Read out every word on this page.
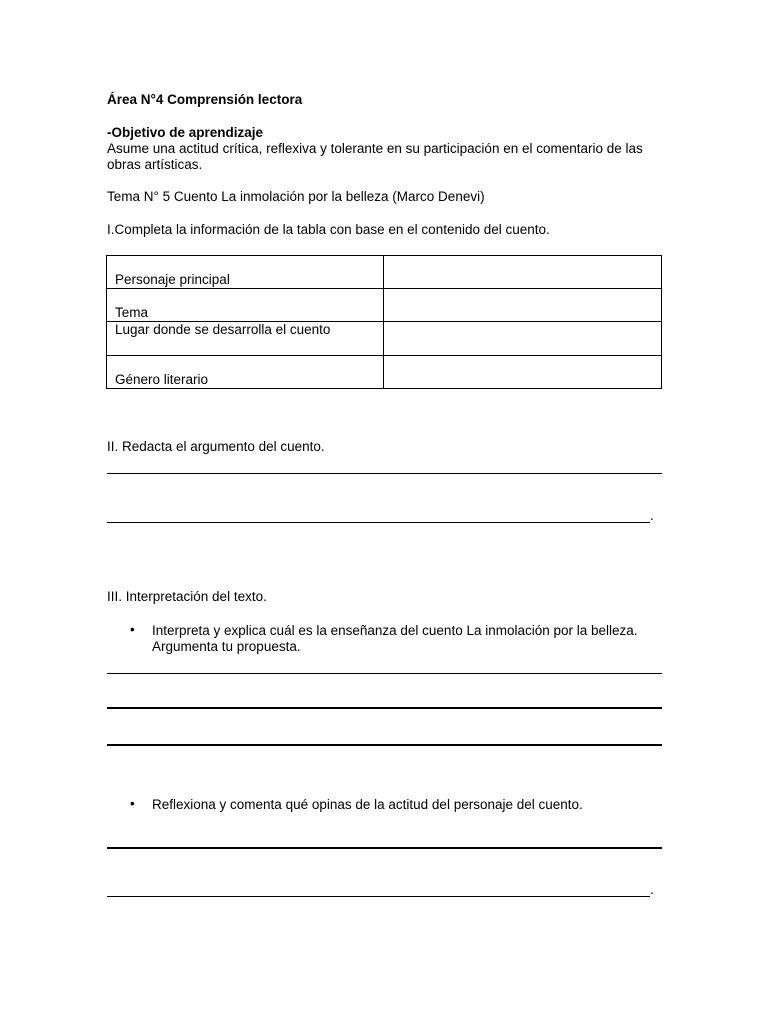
Área N°4 Comprensión lectora
-Objetivo de aprendizaje
Asume una actitud crítica, reflexiva y tolerante en su participación en el comentario de las
obras artísticas.
Tema N° 5 Cuento La inmolación por la belleza (Marco Denevi)
I.Completa la información de la tabla con base en el contenido del cuento.
Personaje principal	
Tema	
Lugar donde se desarrolla el cuento	
Género literario	
II. Redacta el argumento del cuento.
.
III. Interpretación del texto.
• Interpreta y explica cuál es la enseñanza del cuento La inmolación por la belleza.
Argumenta tu propuesta.
• Reflexiona y comenta qué opinas de la actitud del personaje del cuento.
.
